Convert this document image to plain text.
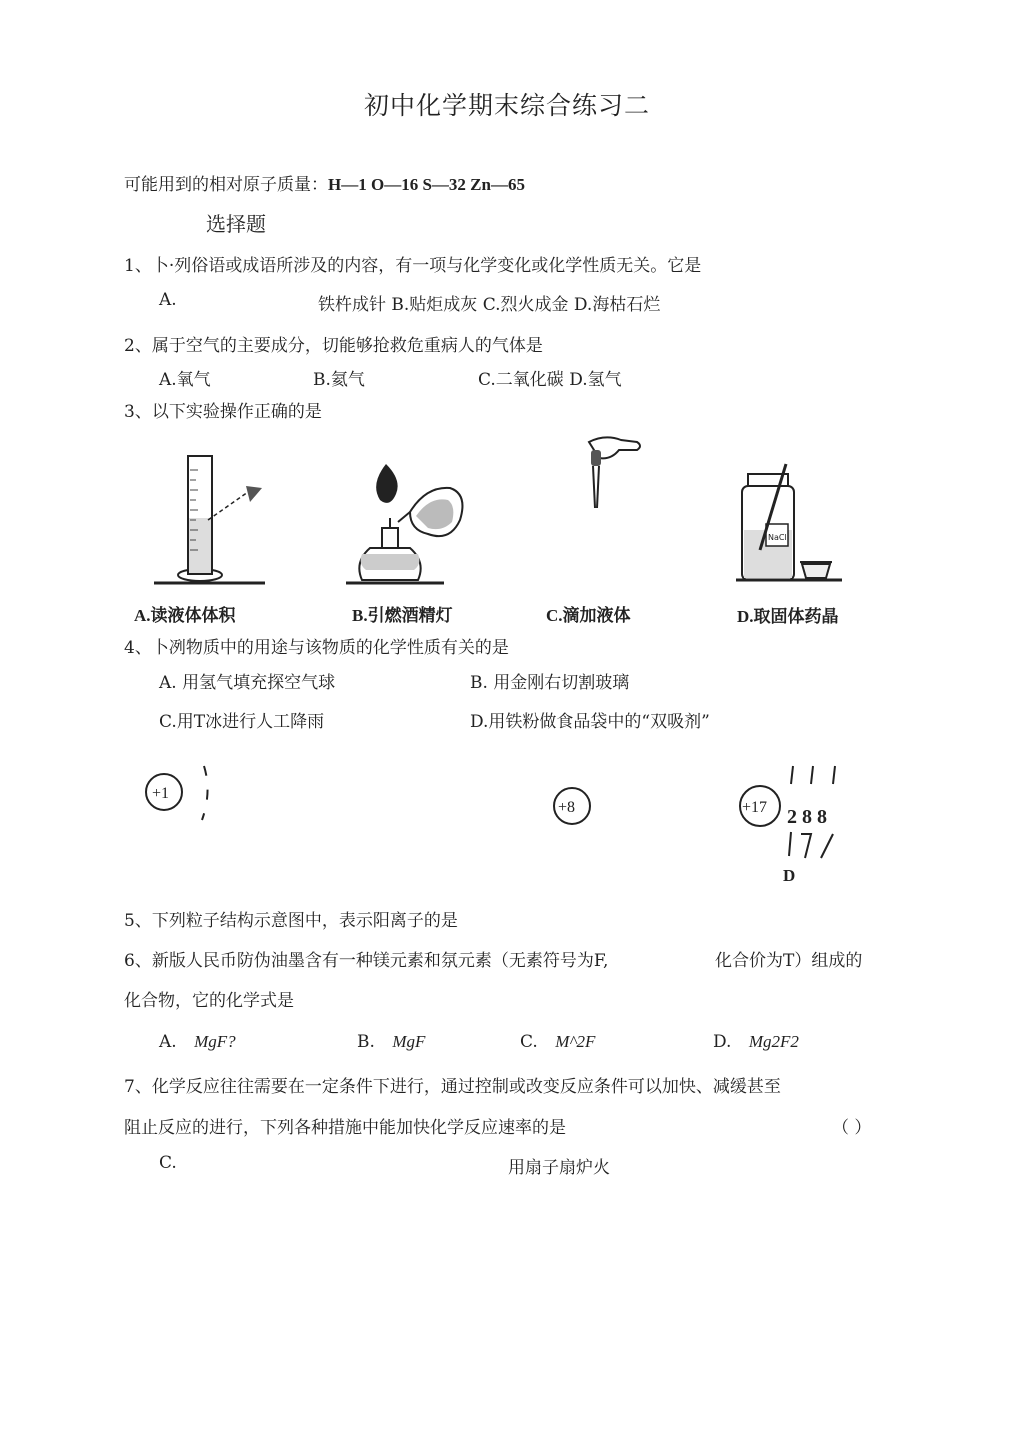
初中化学期末综合练习二
可能用到的相对原子质量：H—1 O—16 S—32 Zn—65
选择题
1、卜·列俗语或成语所涉及的内容，有一项与化学变化或化学性质无关。它是
A.	铁杵成针 B.贴炬成灰 C.烈火成金 D.海枯石烂
2、属于空气的主要成分，切能够抢救危重病人的气体是
A.氧气	B.氦气	C.二氧化碳 D.氢气
3、以下实验操作正确的是
NaCl
A.读液体体积	B.引燃酒精灯	C.滴加液体	D.取固体药晶
4、卜冽物质中的用途与该物质的化学性质有关的是
A. 用氢气填充探空气球	B. 用金刚右切割玻璃
C.用T冰进行人工降雨	D.用铁粉做食品袋中的“双吸剂”
+1
+8	+17 2 8 8
D
5、下列粒子结构示意图中，表示阳离子的是
6、新版人民币防伪油墨含有一种镁元素和氛元素（无素符号为F,	化合价为T）组成的
化合物，它的化学式是
A. MgF?	B. MgF	C. M^2F	D. Mg2F2
7、化学反应往往需要在一定条件下进行，通过控制或改变反应条件可以加快、减缓甚至
阻止反应的进行，下列各种措施中能加快化学反应速率的是	（ ）
C.	用扇子扇炉火
